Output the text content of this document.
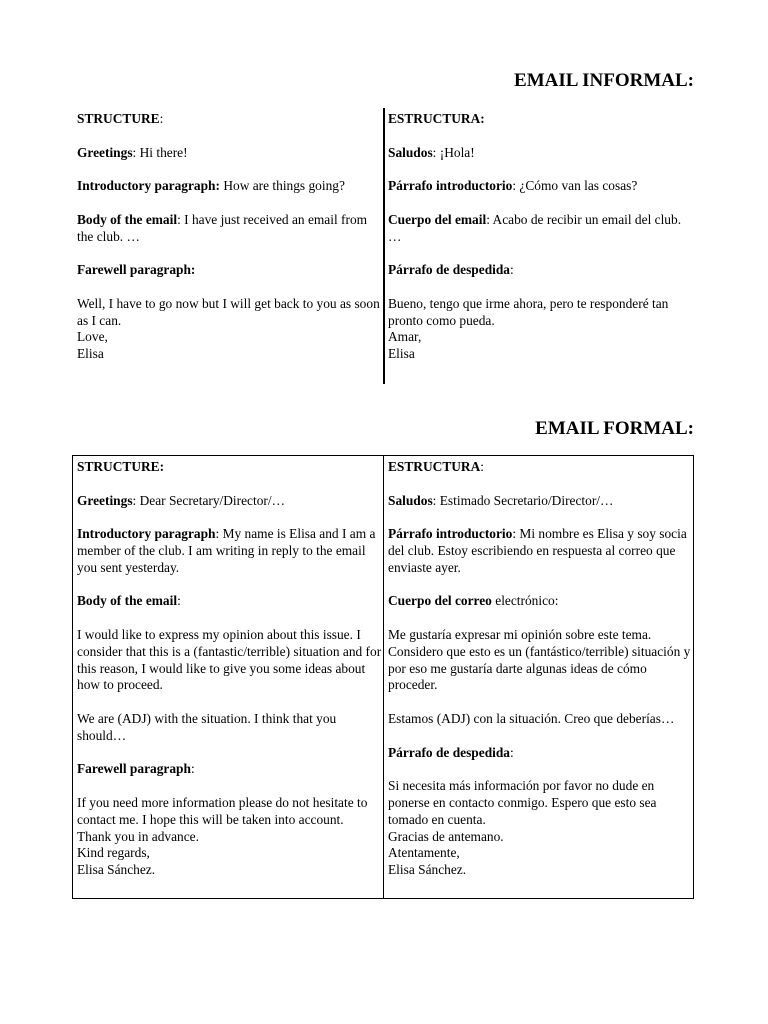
EMAIL INFORMAL:

STRUCTURE:

Greetings: Hi there!

Introductory paragraph: How are things going?

Body of the email: I have just received an email from the club. …

Farewell paragraph:

Well, I have to go now but I will get back to you as soon as I can.

Love,

Elisa

ESTRUCTURA:

Saludos: ¡Hola!

Párrafo introductorio: ¿Cómo van las cosas?

Cuerpo del email: Acabo de recibir un email del club. …

Párrafo de despedida:

Bueno, tengo que irme ahora, pero te responderé tan pronto como pueda.

Amar,

Elisa

EMAIL FORMAL:

STRUCTURE:

Greetings: Dear Secretary/Director/…

Introductory paragraph: My name is Elisa and I am a member of the club. I am writing in reply to the email you sent yesterday.

Body of the email:

I would like to express my opinion about this issue. I consider that this is a (fantastic/terrible) situation and for this reason, I would like to give you some ideas about how to proceed.

We are (ADJ) with the situation. I think that you should…

Farewell paragraph:

If you need more information please do not hesitate to contact me. I hope this will be taken into account.

Thank you in advance.

Kind regards,

Elisa Sánchez.

ESTRUCTURA:

Saludos: Estimado Secretario/Director/…

Párrafo introductorio: Mi nombre es Elisa y soy socia del club. Estoy escribiendo en respuesta al correo que enviaste ayer.

Cuerpo del correo electrónico:

Me gustaría expresar mi opinión sobre este tema. Considero que esto es un (fantástico/terrible) situación y por eso me gustaría darte algunas ideas de cómo proceder.

Estamos (ADJ) con la situación. Creo que deberías…

Párrafo de despedida:

Si necesita más información por favor no dude en ponerse en contacto conmigo. Espero que esto sea tomado en cuenta.

Gracias de antemano.

Atentamente,

Elisa Sánchez.
